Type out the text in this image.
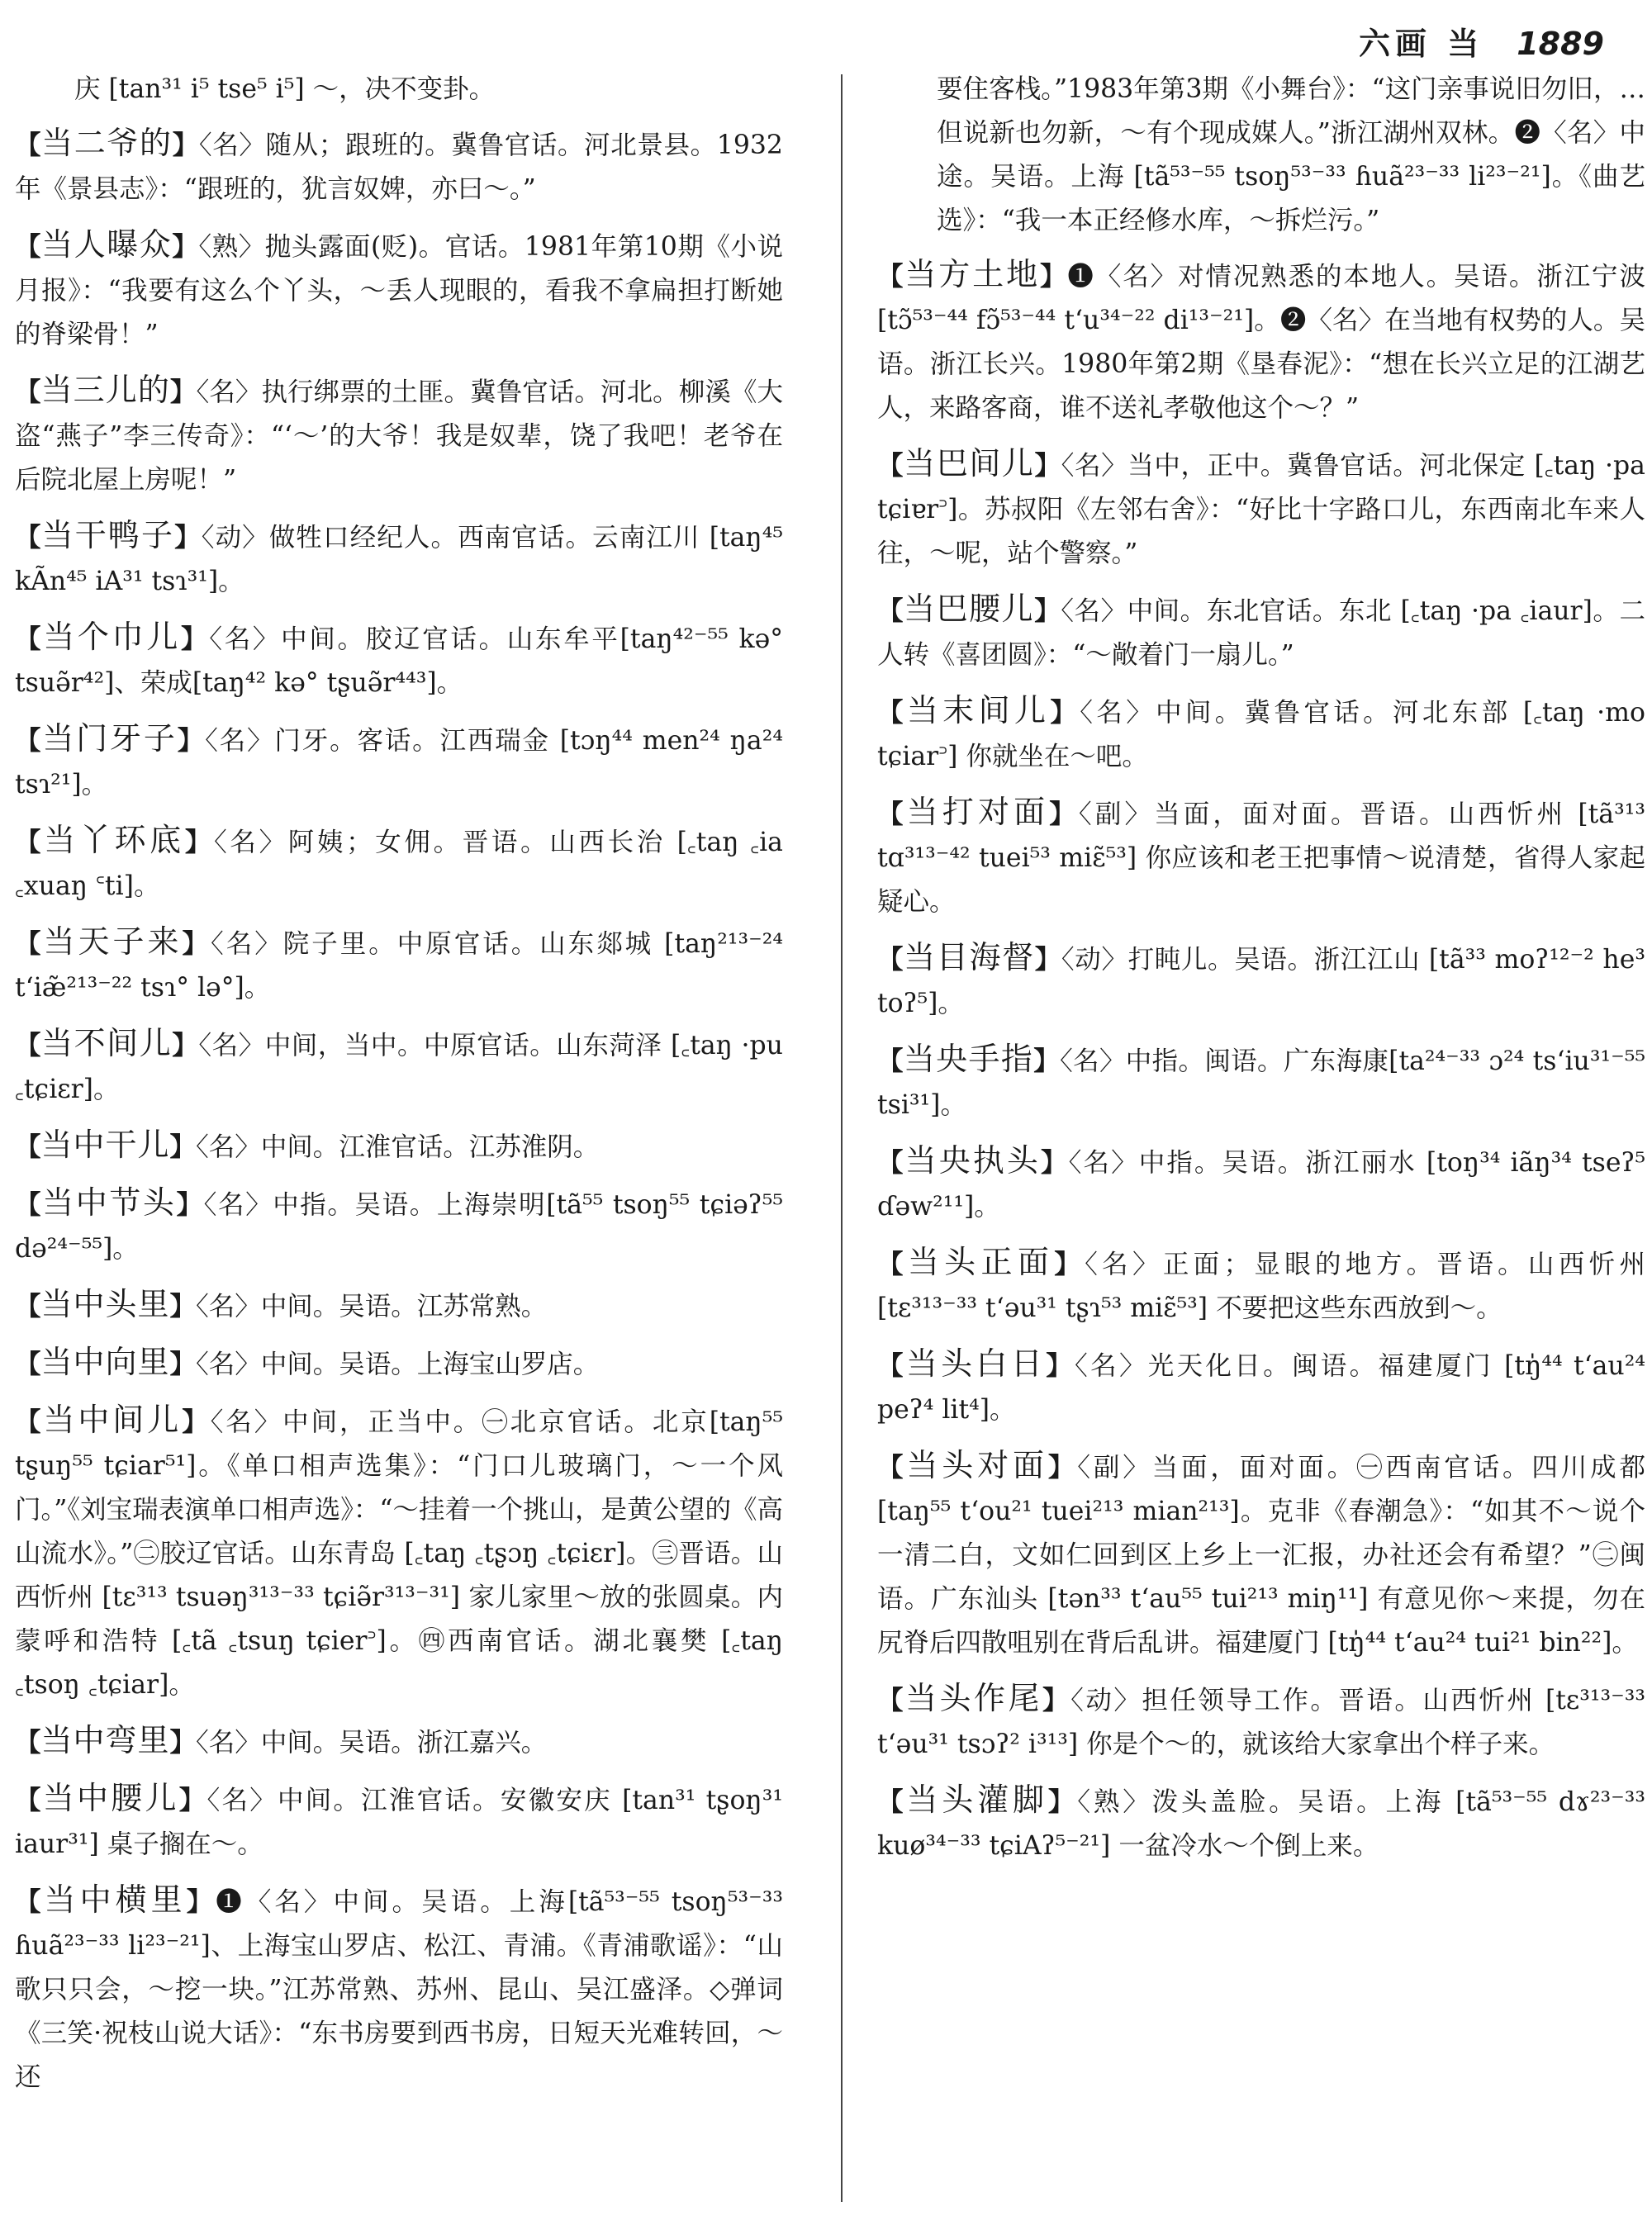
六画 当 1889
庆 [tan³¹ i⁵ tse⁵ i⁵] ～，决不变卦。
【当二爷的】〈名〉随从；跟班的。冀鲁官话。河北景县。1932年《景县志》：“跟班的，犹言奴婢，亦曰～。”
【当人曝众】〈熟〉抛头露面(贬)。官话。1981年第10期《小说月报》：“我要有这么个丫头，～丢人现眼的，看我不拿扁担打断她的脊梁骨！”
【当三儿的】〈名〉执行绑票的土匪。冀鲁官话。河北。柳溪《大盗“燕子”李三传奇》：“‘～’的大爷！我是奴辈，饶了我吧！老爷在后院北屋上房呢！”
【当干鸭子】〈动〉做牲口经纪人。西南官话。云南江川 [taŋ⁴⁵ kÃn⁴⁵ iA³¹ tsɿ³¹]。
【当个巾儿】〈名〉中间。胶辽官话。山东牟平[taŋ⁴²⁻⁵⁵ kə° tsuə̃r⁴²]、荣成[taŋ⁴² kə° tʂuə̃r⁴⁴³]。
【当门牙子】〈名〉门牙。客话。江西瑞金 [tɔŋ⁴⁴ men²⁴ ŋa²⁴ tsɿ²¹]。
【当丫环底】〈名〉阿姨；女佣。晋语。山西长治 [꜀taŋ ꜀ia ꜀xuaŋ ꜂ti]。
【当天子来】〈名〉院子里。中原官话。山东郯城 [taŋ²¹³⁻²⁴ t‘iæ̃²¹³⁻²² tsɿ° lə°]。
【当不间儿】〈名〉中间，当中。中原官话。山东菏泽 [꜀taŋ ·pu ꜀tɕiɛr]。
【当中干儿】〈名〉中间。江淮官话。江苏淮阴。
【当中节头】〈名〉中指。吴语。上海崇明[tã⁵⁵ tsoŋ⁵⁵ tɕiəʔ⁵⁵ də²⁴⁻⁵⁵]。
【当中头里】〈名〉中间。吴语。江苏常熟。
【当中向里】〈名〉中间。吴语。上海宝山罗店。
【当中间儿】〈名〉中间，正当中。㊀北京官话。北京[taŋ⁵⁵ tʂuŋ⁵⁵ tɕiar⁵¹]。《单口相声选集》：“门口儿玻璃门，～一个风门。”《刘宝瑞表演单口相声选》：“～挂着一个挑山，是黄公望的《高山流水》。”㊁胶辽官话。山东青岛 [꜀taŋ ꜀tʂɔŋ ꜀tɕiɛr]。㊂晋语。山西忻州 [tɛ³¹³ tsuəŋ³¹³⁻³³ tɕiə̃r³¹³⁻³¹] 家儿家里～放的张圆桌。内蒙呼和浩特 [꜀tã ꜀tsuŋ tɕier꜄]。㊃西南官话。湖北襄樊 [꜀taŋ ꜀tsoŋ ꜀tɕiar]。
【当中弯里】〈名〉中间。吴语。浙江嘉兴。
【当中腰儿】〈名〉中间。江淮官话。安徽安庆 [tan³¹ tʂoŋ³¹ iaur³¹] 桌子搁在～。
【当中横里】❶〈名〉中间。吴语。上海[tã⁵³⁻⁵⁵ tsoŋ⁵³⁻³³ ɦuã²³⁻³³ li²³⁻²¹]、上海宝山罗店、松江、青浦。《青浦歌谣》：“山歌只只会，～挖一块。”江苏常熟、苏州、昆山、吴江盛泽。◇弹词《三笑·祝枝山说大话》：“东书房要到西书房，日短天光难转回，～还
要住客栈。”1983年第3期《小舞台》：“这门亲事说旧勿旧，…但说新也勿新，～有个现成媒人。”浙江湖州双林。❷〈名〉中途。吴语。上海 [tã⁵³⁻⁵⁵ tsoŋ⁵³⁻³³ ɦuã²³⁻³³ li²³⁻²¹]。《曲艺选》：“我一本正经修水库，～拆烂污。”
【当方土地】❶〈名〉对情况熟悉的本地人。吴语。浙江宁波 [tɔ̃⁵³⁻⁴⁴ fɔ̃⁵³⁻⁴⁴ t‘u³⁴⁻²² di¹³⁻²¹]。❷〈名〉在当地有权势的人。吴语。浙江长兴。1980年第2期《垦春泥》：“想在长兴立足的江湖艺人，来路客商，谁不送礼孝敬他这个～？”
【当巴间儿】〈名〉当中，正中。冀鲁官话。河北保定 [꜀taŋ ·pa tɕiɐr꜄]。苏叔阳《左邻右舍》：“好比十字路口儿，东西南北车来人往，～呢，站个警察。”
【当巴腰儿】〈名〉中间。东北官话。东北 [꜀taŋ ·pa ꜀iaur]。二人转《喜团圆》：“～敞着门一扇儿。”
【当末间儿】〈名〉中间。冀鲁官话。河北东部 [꜀taŋ ·mo tɕiar꜄] 你就坐在～吧。
【当打对面】〈副〉当面，面对面。晋语。山西忻州 [tã³¹³ tɑ³¹³⁻⁴² tuei⁵³ miɛ̃⁵³] 你应该和老王把事情～说清楚，省得人家起疑心。
【当目海督】〈动〉打盹儿。吴语。浙江江山 [tã³³ moʔ¹²⁻² he³ toʔ⁵]。
【当央手指】〈名〉中指。闽语。广东海康[ta²⁴⁻³³ ɔ²⁴ ts‘iu³¹⁻⁵⁵ tsi³¹]。
【当央执头】〈名〉中指。吴语。浙江丽水 [toŋ³⁴ iãŋ³⁴ tseʔ⁵ ɗəw²¹¹]。
【当头正面】〈名〉正面；显眼的地方。晋语。山西忻州 [tɛ³¹³⁻³³ t‘əu³¹ tʂɿ⁵³ miɛ̃⁵³] 不要把这些东西放到～。
【当头白日】〈名〉光天化日。闽语。福建厦门 [tŋ̍⁴⁴ t‘au²⁴ peʔ⁴ lit⁴]。
【当头对面】〈副〉当面，面对面。㊀西南官话。四川成都 [taŋ⁵⁵ t‘ou²¹ tuei²¹³ mian²¹³]。克非《春潮急》：“如其不～说个一清二白，文如仁回到区上乡上一汇报，办社还会有希望？”㊁闽语。广东汕头 [tən³³ t‘au⁵⁵ tui²¹³ miŋ¹¹] 有意见你～来提，勿在尻脊后四散咀别在背后乱讲。福建厦门 [tŋ̍⁴⁴ t‘au²⁴ tui²¹ bin²²]。
【当头作尾】〈动〉担任领导工作。晋语。山西忻州 [tɛ³¹³⁻³³ t‘əu³¹ tsɔʔ² i³¹³] 你是个～的，就该给大家拿出个样子来。
【当头灌脚】〈熟〉泼头盖脸。吴语。上海 [tã⁵³⁻⁵⁵ dɤ²³⁻³³ kuø³⁴⁻³³ tɕiAʔ⁵⁻²¹] 一盆冷水～个倒上来。
